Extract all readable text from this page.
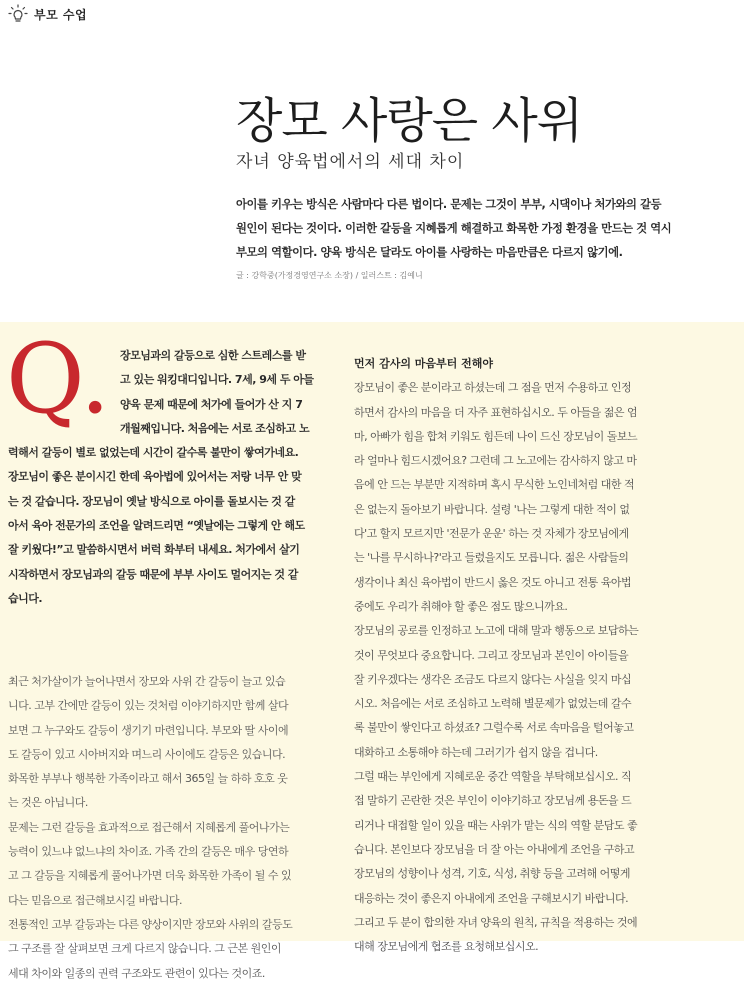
부모 수업
장모 사랑은 사위
자녀 양육법에서의 세대 차이
아이를 키우는 방식은 사람마다 다른 법이다. 문제는 그것이 부부, 시댁이나 처가와의 갈등
원인이 된다는 것이다. 이러한 갈등을 지혜롭게 해결하고 화목한 가정 환경을 만드는 것 역시
부모의 역할이다. 양육 방식은 달라도 아이를 사랑하는 마음만큼은 다르지 않기에.
글 : 강학중(가정경영연구소 소장) / 일러스트 : 김예니
Q. 장모님과의 갈등으로 심한 스트레스를 받
고 있는 워킹대디입니다. 7세, 9세 두 아들
양육 문제 때문에 처가에 들어가 산 지 7
개월째입니다. 처음에는 서로 조심하고 노
력해서 갈등이 별로 없었는데 시간이 갈수록 불만이 쌓여가네요.
장모님이 좋은 분이시긴 한데 육아법에 있어서는 저랑 너무 안 맞
는 것 같습니다. 장모님이 옛날 방식으로 아이를 돌보시는 것 같
아서 육아 전문가의 조언을 알려드리면 “옛날에는 그렇게 안 해도
잘 키웠다!”고 말씀하시면서 버럭 화부터 내세요. 처가에서 살기
시작하면서 장모님과의 갈등 때문에 부부 사이도 멀어지는 것 같
습니다.
최근 처가살이가 늘어나면서 장모와 사위 간 갈등이 늘고 있습
니다. 고부 간에만 갈등이 있는 것처럼 이야기하지만 함께 살다
보면 그 누구와도 갈등이 생기기 마련입니다. 부모와 딸 사이에
도 갈등이 있고 시아버지와 며느리 사이에도 갈등은 있습니다.
화목한 부부나 행복한 가족이라고 해서 365일 늘 하하 호호 웃
는 것은 아닙니다.
문제는 그런 갈등을 효과적으로 접근해서 지혜롭게 풀어나가는
능력이 있느냐 없느냐의 차이죠. 가족 간의 갈등은 매우 당연하
고 그 갈등을 지혜롭게 풀어나가면 더욱 화목한 가족이 될 수 있
다는 믿음으로 접근해보시길 바랍니다.
전통적인 고부 갈등과는 다른 양상이지만 장모와 사위의 갈등도
그 구조를 잘 살펴보면 크게 다르지 않습니다. 그 근본 원인이
세대 차이와 일종의 권력 구조와도 관련이 있다는 것이죠.
먼저 감사의 마음부터 전해야
장모님이 좋은 분이라고 하셨는데 그 점을 먼저 수용하고 인정
하면서 감사의 마음을 더 자주 표현하십시오. 두 아들을 젊은 엄
마, 아빠가 힘을 합쳐 키워도 힘든데 나이 드신 장모님이 돌보느
라 얼마나 힘드시겠어요? 그런데 그 노고에는 감사하지 않고 마
음에 안 드는 부분만 지적하며 혹시 무식한 노인네처럼 대한 적
은 없는지 돌아보기 바랍니다. 설령 '나는 그렇게 대한 적이 없
다'고 할지 모르지만 '전문가 운운' 하는 것 자체가 장모님에게
는 '나를 무시하나?'라고 들렸을지도 모릅니다. 젊은 사람들의
생각이나 최신 육아법이 반드시 옳은 것도 아니고 전통 육아법
중에도 우리가 취해야 할 좋은 점도 많으니까요.
장모님의 공로를 인정하고 노고에 대해 말과 행동으로 보답하는
것이 무엇보다 중요합니다. 그리고 장모님과 본인이 아이들을
잘 키우겠다는 생각은 조금도 다르지 않다는 사실을 잊지 마십
시오. 처음에는 서로 조심하고 노력해 별문제가 없었는데 갈수
록 불만이 쌓인다고 하셨죠? 그럴수록 서로 속마음을 털어놓고
대화하고 소통해야 하는데 그러기가 쉽지 않을 겁니다.
그럴 때는 부인에게 지혜로운 중간 역할을 부탁해보십시오. 직
접 말하기 곤란한 것은 부인이 이야기하고 장모님께 용돈을 드
리거나 대접할 일이 있을 때는 사위가 맡는 식의 역할 분담도 좋
습니다. 본인보다 장모님을 더 잘 아는 아내에게 조언을 구하고
장모님의 성향이나 성격, 기호, 식성, 취향 등을 고려해 어떻게
대응하는 것이 좋은지 아내에게 조언을 구해보시기 바랍니다.
그리고 두 분이 합의한 자녀 양육의 원칙, 규칙을 적용하는 것에
대해 장모님에게 협조를 요청해보십시오.
